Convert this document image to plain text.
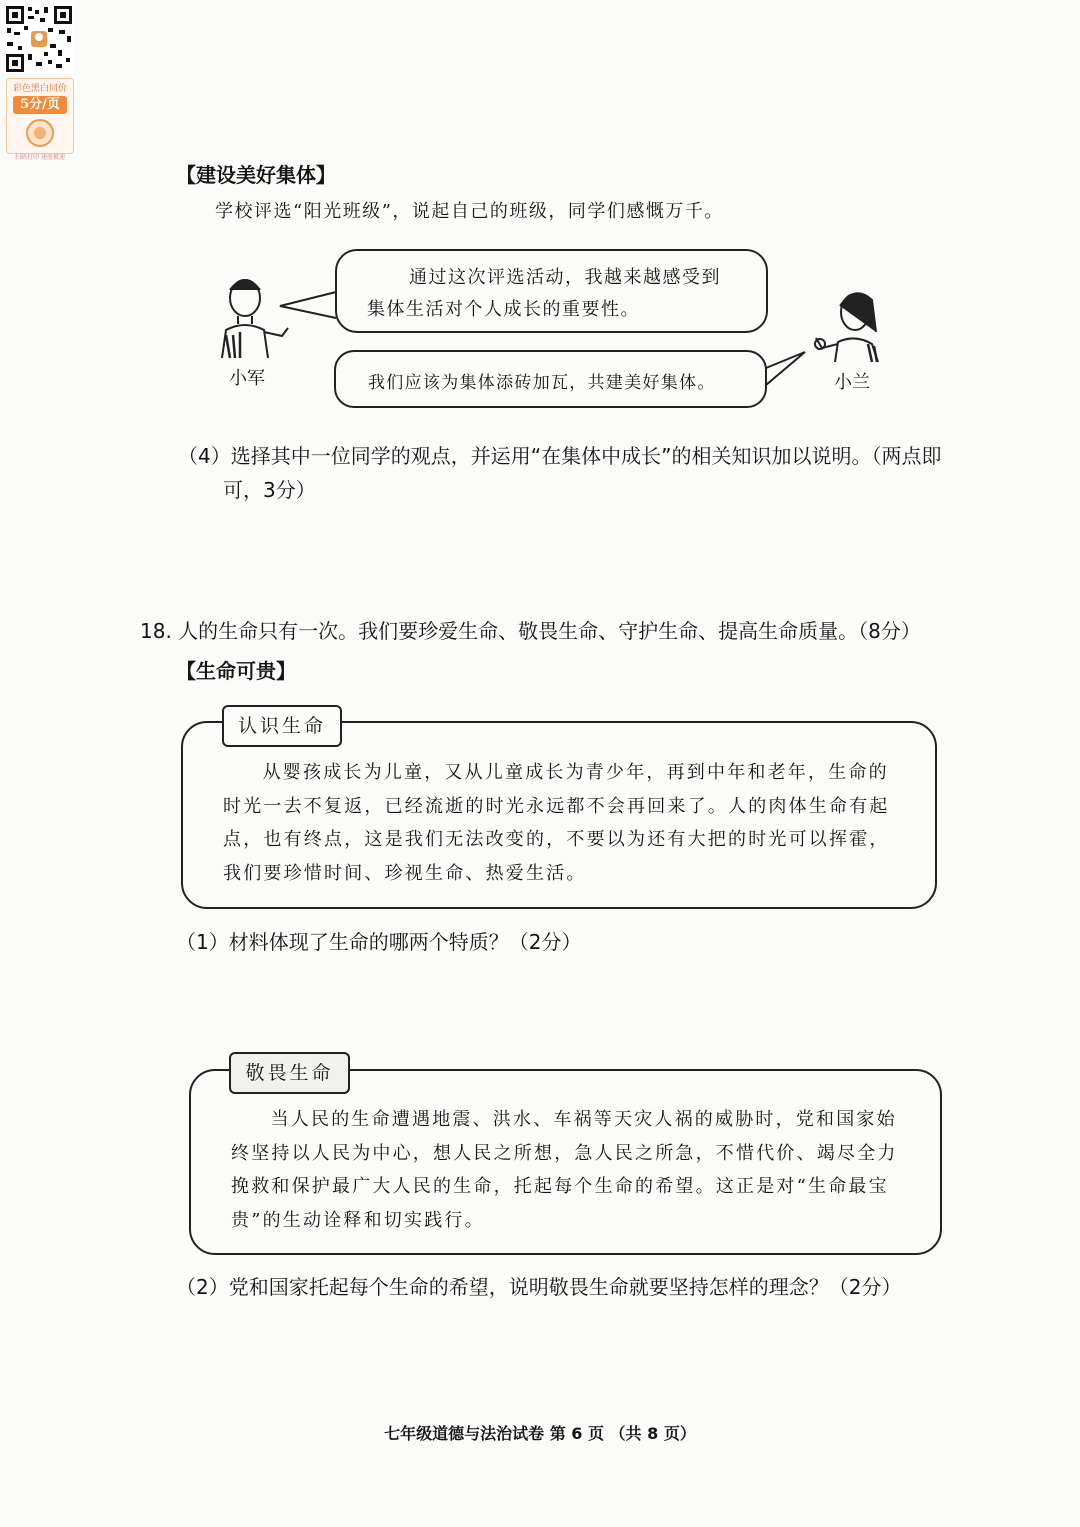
彩色黑白同价
5分/页
扫码打印 速度极速
【建设美好集体】
学校评选“阳光班级”，说起自己的班级，同学们感慨万千。
通过这次评选活动，我越来越感受到
集体生活对个人成长的重要性。
我们应该为集体添砖加瓦，共建美好集体。
小军	小兰
（4）选择其中一位同学的观点，并运用“在集体中成长”的相关知识加以说明。（两点即
可，3分）
18. 人的生命只有一次。我们要珍爱生命、敬畏生命、守护生命、提高生命质量。（8分）
【生命可贵】
从婴孩成长为儿童，又从儿童成长为青少年，再到中年和老年，生命的
时光一去不复返，已经流逝的时光永远都不会再回来了。人的肉体生命有起
点，也有终点，这是我们无法改变的，不要以为还有大把的时光可以挥霍，
我们要珍惜时间、珍视生命、热爱生活。
认识生命
（1）材料体现了生命的哪两个特质？（2分）
当人民的生命遭遇地震、洪水、车祸等天灾人祸的威胁时，党和国家始
终坚持以人民为中心，想人民之所想，急人民之所急，不惜代价、竭尽全力
挽救和保护最广大人民的生命，托起每个生命的希望。这正是对“生命最宝
贵”的生动诠释和切实践行。
敬畏生命
（2）党和国家托起每个生命的希望，说明敬畏生命就要坚持怎样的理念？（2分）
七年级道德与法治试卷 第 6 页 （共 8 页）
